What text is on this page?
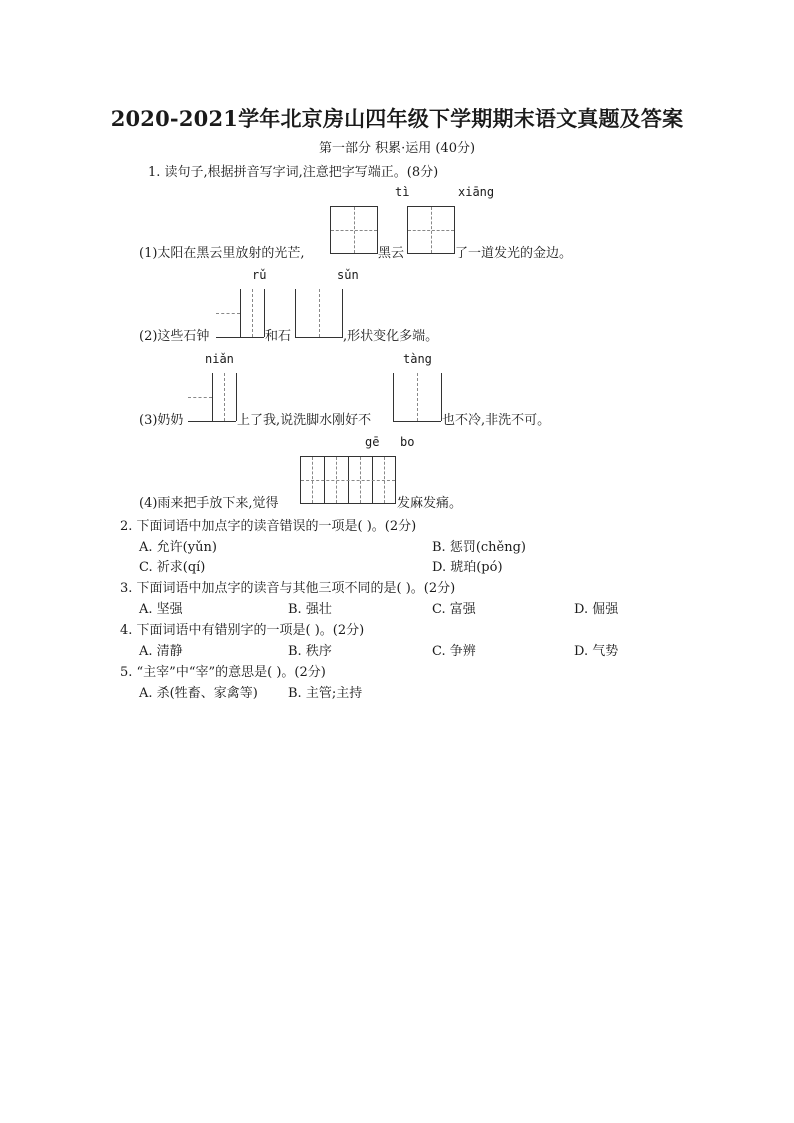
2020-2021学年北京房山四年级下学期期末语文真题及答案
第一部分 积累·运用 (40分)
1. 读句子,根据拼音写字词,注意把字写端正。(8分)
tì	xiāng
(1)太阳在黑云里放射的光芒,	黑云	了一道发光的金边。
rǔ	sǔn
(2)这些石钟	和石	,形状变化多端。
niǎn	tàng
(3)奶奶	上了我,说洗脚水刚好不	也不冷,非洗不可。
gē bo
(4)雨来把手放下来,觉得	发麻发痛。
2. 下面词语中加点字的读音错误的一项是( )。(2分)
A. 允许(yǔn)	B. 惩罚(chěng)
C. 祈求(qí)	D. 琥珀(pó)
3. 下面词语中加点字的读音与其他三项不同的是( )。(2分)
A. 坚强	B. 强壮	C. 富强	D. 倔强
4. 下面词语中有错别字的一项是( )。(2分)
A. 清静	B. 秩序	C. 争辨	D. 气势
5. “主宰”中“宰”的意思是( )。(2分)
A. 杀(牲畜、家禽等) B. 主管;主持
